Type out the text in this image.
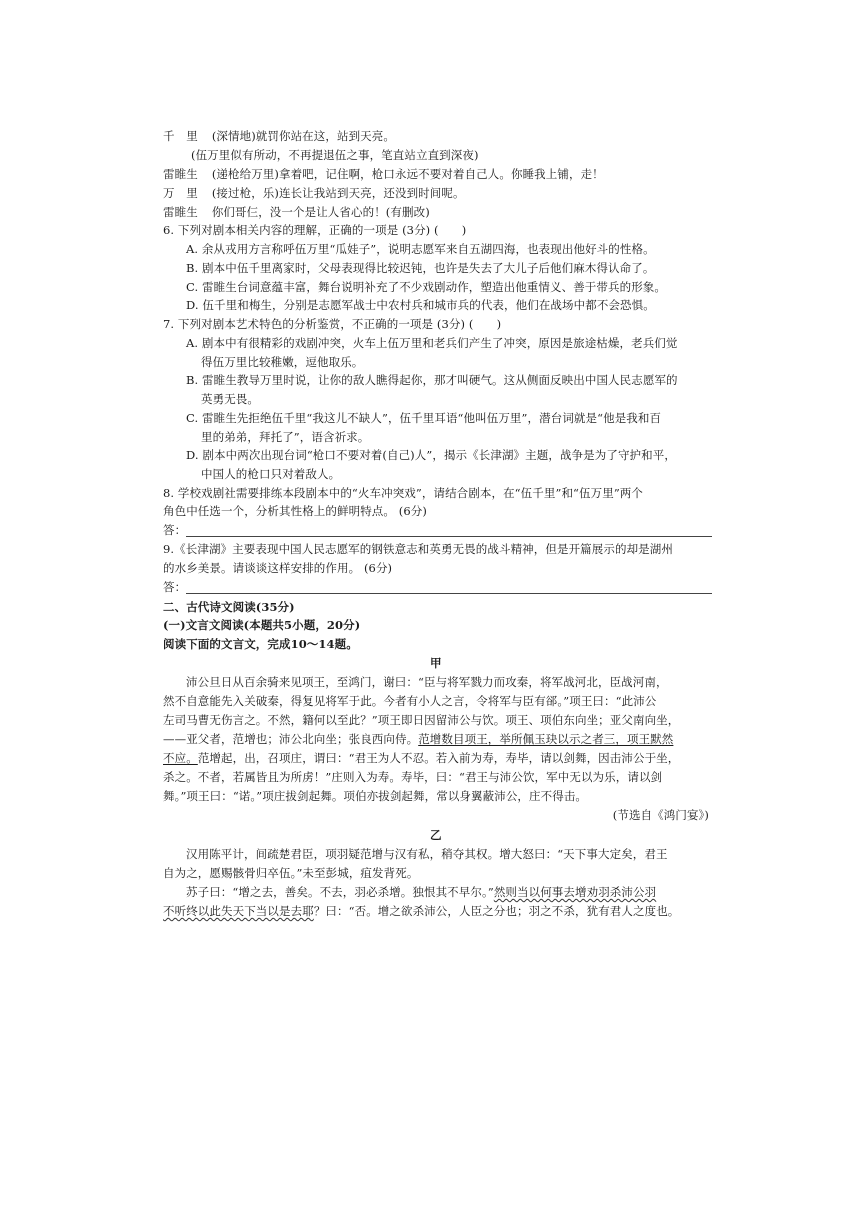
千　里 (深情地)就罚你站在这，站到天亮。
(伍万里似有所动，不再提退伍之事，笔直站立直到深夜)
雷睢生 (递枪给万里)拿着吧，记住啊，枪口永远不要对着自己人。你睡我上铺，走！
万　里 (接过枪，乐)连长让我站到天亮，还没到时间呢。
雷睢生 你们哥仨，没一个是让人省心的！(有删改)
6. 下列对剧本相关内容的理解，正确的一项是 (3分) (　　)
A. 余从戎用方言称呼伍万里“瓜娃子”，说明志愿军来自五湖四海，也表现出他好斗的性格。
B. 剧本中伍千里离家时，父母表现得比较迟钝，也许是失去了大儿子后他们麻木得认命了。
C. 雷睢生台词意蕴丰富，舞台说明补充了不少戏剧动作，塑造出他重情义、善于带兵的形象。
D. 伍千里和梅生，分别是志愿军战士中农村兵和城市兵的代表，他们在战场中都不会恐惧。
7. 下列对剧本艺术特色的分析鉴赏，不正确的一项是 (3分) (　　)
A. 剧本中有很精彩的戏剧冲突，火车上伍万里和老兵们产生了冲突，原因是旅途枯燥，老兵们觉
得伍万里比较稚嫩，逗他取乐。
B. 雷睢生教导万里时说，让你的敌人瞧得起你，那才叫硬气。这从侧面反映出中国人民志愿军的
英勇无畏。
C. 雷睢生先拒绝伍千里“我这儿不缺人”，伍千里耳语“他叫伍万里”，潜台词就是“他是我和百
里的弟弟，拜托了”，语含祈求。
D. 剧本中两次出现台词“枪口不要对着(自己)人”，揭示《长津湖》主题，战争是为了守护和平，
中国人的枪口只对着敌人。
8. 学校戏剧社需要排练本段剧本中的“火车冲突戏”，请结合剧本，在“伍千里”和“伍万里”两个
角色中任选一个，分析其性格上的鲜明特点。 (6分)
答：
9.《长津湖》主要表现中国人民志愿军的钢铁意志和英勇无畏的战斗精神，但是开篇展示的却是湖州
的水乡美景。请谈谈这样安排的作用。 (6分)
答：
二、古代诗文阅读(35分)
(一)文言文阅读(本题共5小题，20分)
阅读下面的文言文，完成10～14题。
甲
沛公旦日从百余骑来见项王，至鸿门，谢曰：“臣与将军戮力而攻秦，将军战河北，臣战河南，
然不自意能先入关破秦，得复见将军于此。今者有小人之言，令将军与臣有郤。”项王曰：“此沛公
左司马曹无伤言之。不然，籍何以至此？”项王即日因留沛公与饮。项王、项伯东向坐；亚父南向坐，
——亚父者，范增也；沛公北向坐；张良西向侍。范增数目项王，举所佩玉玦以示之者三，项王默然
不应。范增起，出，召项庄，谓曰：“君王为人不忍。若入前为寿，寿毕，请以剑舞，因击沛公于坐，
杀之。不者，若属皆且为所虏！”庄则入为寿。寿毕，曰：“君王与沛公饮，军中无以为乐，请以剑
舞。”项王曰：“诺。”项庄拔剑起舞。项伯亦拔剑起舞，常以身翼蔽沛公，庄不得击。
(节选自《鸿门宴》)
乙
汉用陈平计，间疏楚君臣，项羽疑范增与汉有私，稍夺其权。增大怒曰：“天下事大定矣，君王
自为之，愿赐骸骨归卒伍。”未至彭城，疽发背死。
苏子曰：“增之去，善矣。不去，羽必杀增。独恨其不早尔。”然则当以何事去增劝羽杀沛公羽
不听终以此失天下当以是去耶？曰：“否。增之欲杀沛公，人臣之分也；羽之不杀，犹有君人之度也。
